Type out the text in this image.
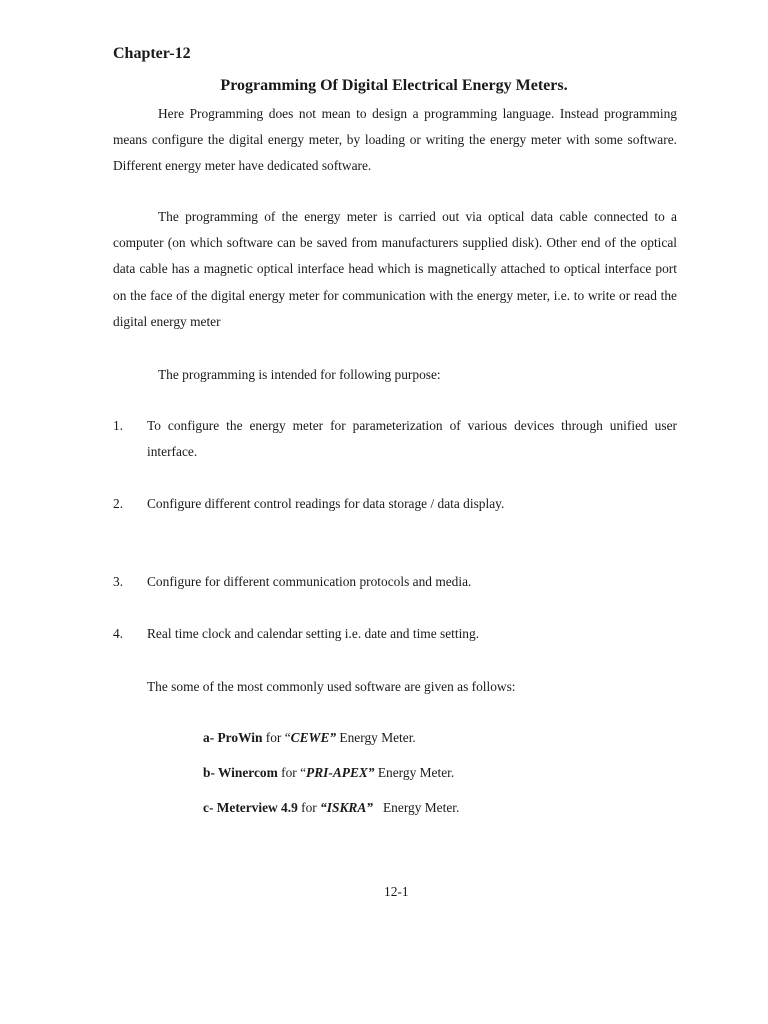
Chapter-12
Programming Of Digital Electrical Energy Meters.

Here Programming does not mean to design a programming language. Instead programming means configure the digital energy meter, by loading or writing the energy meter with some software. Different energy meter have dedicated software.

The programming of the energy meter is carried out via optical data cable connected to a computer (on which software can be saved from manufacturers supplied disk). Other end of the optical data cable has a magnetic optical interface head which is magnetically attached to optical interface port on the face of the digital energy meter for communication with the energy meter, i.e. to write or read the digital energy meter

The programming is intended for following purpose:
1. To configure the energy meter for parameterization of various devices through unified user interface.
2. Configure different control readings for data storage / data display.
3. Configure for different communication protocols and media.
4. Real time clock and calendar setting i.e. date and time setting.
The some of the most commonly used software are given as follows:
a- ProWin for “CEWE” Energy Meter.
b- Winercom for “PRI-APEX” Energy Meter.
c- Meterview 4.9 for “ISKRA”   Energy Meter.
12-1
